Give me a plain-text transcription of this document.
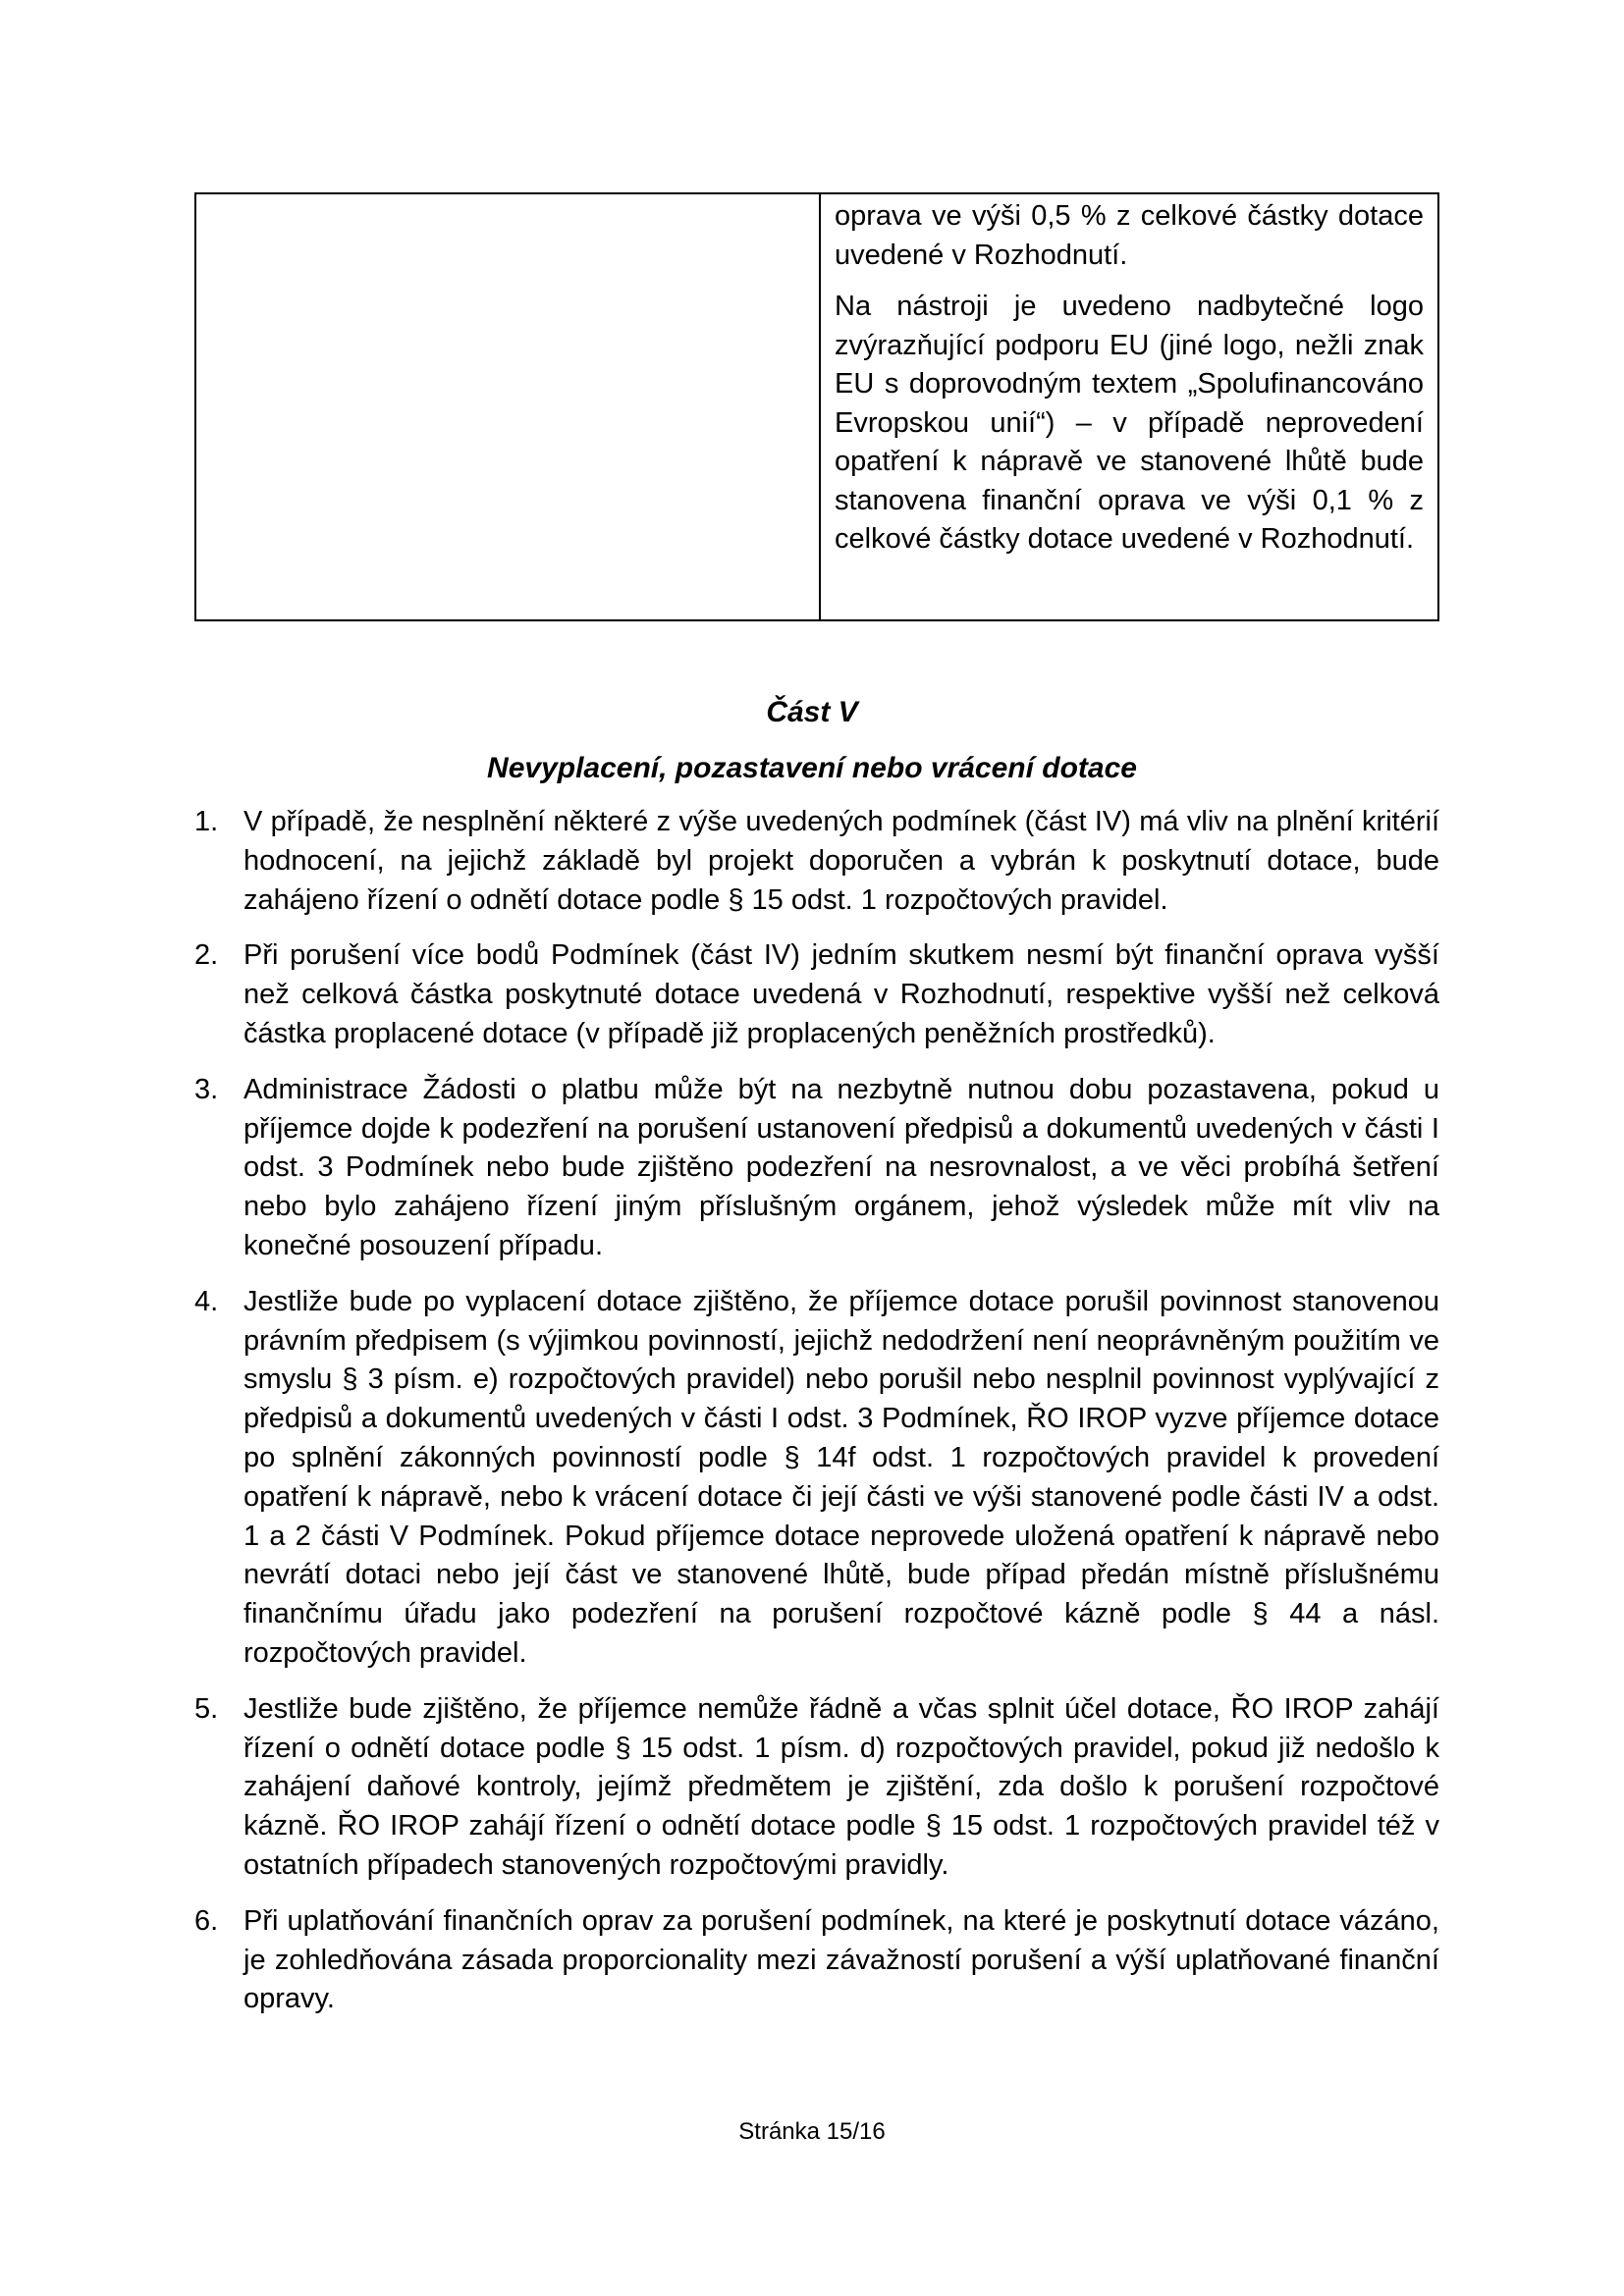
oprava ve výši 0,5 % z celkové částky dotace uvedené v Rozhodnutí.

Na nástroji je uvedeno nadbytečné logo zvýrazňující podporu EU (jiné logo, nežli znak EU s doprovodným textem „Spolufinancováno Evropskou unií“) – v případě neprovedení opatření k nápravě ve stanovené lhůtě bude stanovena finanční oprava ve výši 0,1 % z celkové částky dotace uvedené v Rozhodnutí.

Část V
Nevyplacení, pozastavení nebo vrácení dotace
1. V případě, že nesplnění některé z výše uvedených podmínek (část IV) má vliv na plnění kritérií hodnocení, na jejichž základě byl projekt doporučen a vybrán k poskytnutí dotace, bude zahájeno řízení o odnětí dotace podle § 15 odst. 1 rozpočtových pravidel.
2. Při porušení více bodů Podmínek (část IV) jedním skutkem nesmí být finanční oprava vyšší než celková částka poskytnuté dotace uvedená v Rozhodnutí, respektive vyšší než celková částka proplacené dotace (v případě již proplacených peněžních prostředků).
3. Administrace Žádosti o platbu může být na nezbytně nutnou dobu pozastavena, pokud u příjemce dojde k podezření na porušení ustanovení předpisů a dokumentů uvedených v části I odst. 3 Podmínek nebo bude zjištěno podezření na nesrovnalost, a ve věci probíhá šetření nebo bylo zahájeno řízení jiným příslušným orgánem, jehož výsledek může mít vliv na konečné posouzení případu.
4. Jestliže bude po vyplacení dotace zjištěno, že příjemce dotace porušil povinnost stanovenou právním předpisem (s výjimkou povinností, jejichž nedodržení není neoprávněným použitím ve smyslu § 3 písm. e) rozpočtových pravidel) nebo porušil nebo nesplnil povinnost vyplývající z předpisů a dokumentů uvedených v části I odst. 3 Podmínek, ŘO IROP vyzve příjemce dotace po splnění zákonných povinností podle § 14f odst. 1 rozpočtových pravidel k provedení opatření k nápravě, nebo k vrácení dotace či její části ve výši stanovené podle části IV a odst. 1 a 2 části V Podmínek. Pokud příjemce dotace neprovede uložená opatření k nápravě nebo nevrátí dotaci nebo její část ve stanovené lhůtě, bude případ předán místně příslušnému finančnímu úřadu jako podezření na porušení rozpočtové kázně podle § 44 a násl. rozpočtových pravidel.
5. Jestliže bude zjištěno, že příjemce nemůže řádně a včas splnit účel dotace, ŘO IROP zahájí řízení o odnětí dotace podle § 15 odst. 1 písm. d) rozpočtových pravidel, pokud již nedošlo k zahájení daňové kontroly, jejímž předmětem je zjištění, zda došlo k porušení rozpočtové kázně. ŘO IROP zahájí řízení o odnětí dotace podle § 15 odst. 1 rozpočtových pravidel též v ostatních případech stanovených rozpočtovými pravidly.
6. Při uplatňování finančních oprav za porušení podmínek, na které je poskytnutí dotace vázáno, je zohledňována zásada proporcionality mezi závažností porušení a výší uplatňované finanční opravy.
Stránka 15/16
